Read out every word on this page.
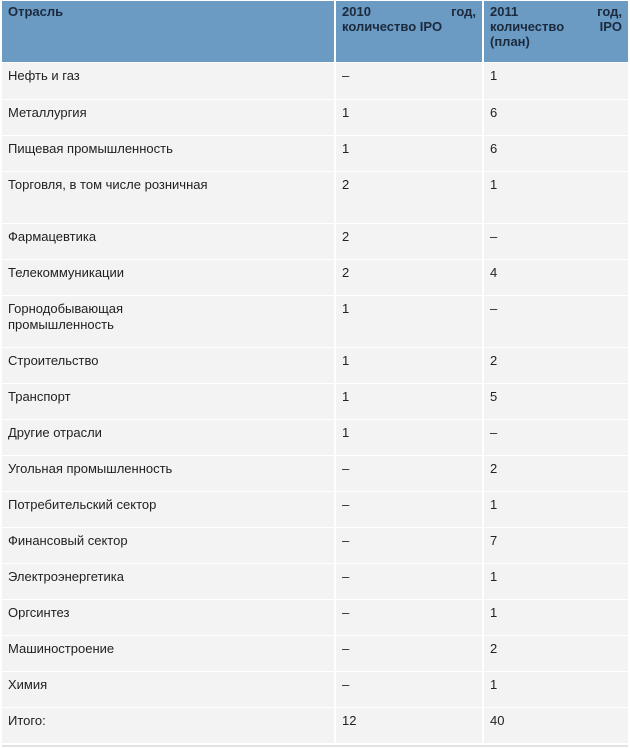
Отрасль	2010 год, количество IPO	2011 год, количество IPO (план)
Нефть и газ	–	1
Металлургия	1	6
Пищевая промышленность	1	6
Торговля, в том числе розничная	2	1
Фармацевтика	2	–
Телекоммуникации	2	4
Горнодобывающая промышленность	1	–
Строительство	1	2
Транспорт	1	5
Другие отрасли	1	–
Угольная промышленность	–	2
Потребительский сектор	–	1
Финансовый сектор	–	7
Электроэнергетика	–	1
Оргсинтез	–	1
Машиностроение	–	2
Химия	–	1
Итого:	12	40
